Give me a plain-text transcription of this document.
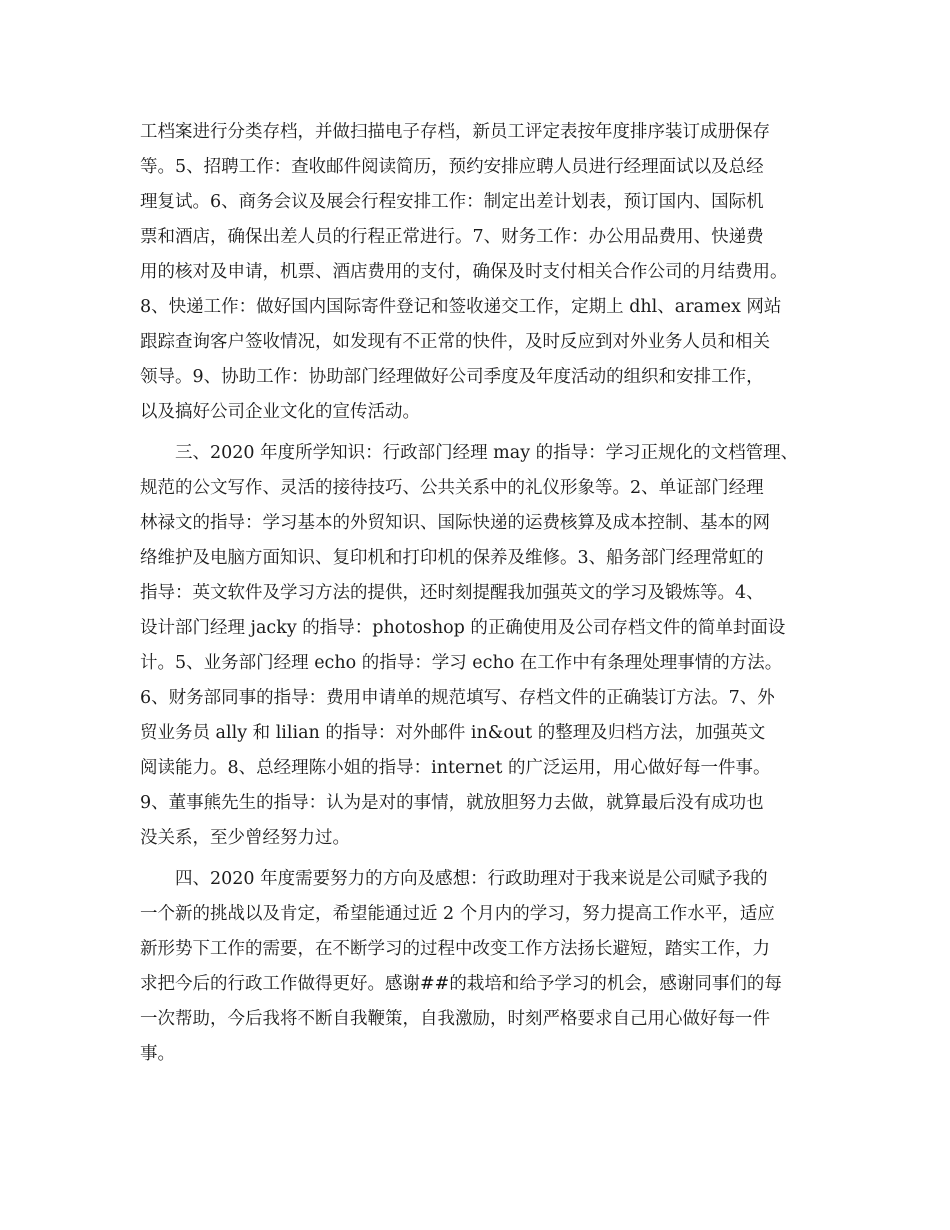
工档案进行分类存档，并做扫描电子存档，新员工评定表按年度排序装订成册保存
等。5、招聘工作：查收邮件阅读简历，预约安排应聘人员进行经理面试以及总经
理复试。6、商务会议及展会行程安排工作：制定出差计划表，预订国内、国际机
票和酒店，确保出差人员的行程正常进行。7、财务工作：办公用品费用、快递费
用的核对及申请，机票、酒店费用的支付，确保及时支付相关合作公司的月结费用。
8、快递工作：做好国内国际寄件登记和签收递交工作，定期上 dhl、aramex 网站
跟踪查询客户签收情况，如发现有不正常的快件，及时反应到对外业务人员和相关
领导。9、协助工作：协助部门经理做好公司季度及年度活动的组织和安排工作，
以及搞好公司企业文化的宣传活动。
三、2020 年度所学知识：行政部门经理 may 的指导：学习正规化的文档管理、
规范的公文写作、灵活的接待技巧、公共关系中的礼仪形象等。2、单证部门经理
林禄文的指导：学习基本的外贸知识、国际快递的运费核算及成本控制、基本的网
络维护及电脑方面知识、复印机和打印机的保养及维修。3、船务部门经理常虹的
指导：英文软件及学习方法的提供，还时刻提醒我加强英文的学习及锻炼等。4、
设计部门经理 jacky 的指导：photoshop 的正确使用及公司存档文件的简单封面设
计。5、业务部门经理 echo 的指导：学习 echo 在工作中有条理处理事情的方法。
6、财务部同事的指导：费用申请单的规范填写、存档文件的正确装订方法。7、外
贸业务员 ally 和 lilian 的指导：对外邮件 in&out 的整理及归档方法，加强英文
阅读能力。8、总经理陈小姐的指导：internet 的广泛运用，用心做好每一件事。
9、董事熊先生的指导：认为是对的事情，就放胆努力去做，就算最后没有成功也
没关系，至少曾经努力过。
四、2020 年度需要努力的方向及感想：行政助理对于我来说是公司赋予我的
一个新的挑战以及肯定，希望能通过近 2 个月内的学习，努力提高工作水平，适应
新形势下工作的需要，在不断学习的过程中改变工作方法扬长避短，踏实工作，力
求把今后的行政工作做得更好。感谢##的栽培和给予学习的机会，感谢同事们的每
一次帮助，今后我将不断自我鞭策，自我激励，时刻严格要求自己用心做好每一件
事。
